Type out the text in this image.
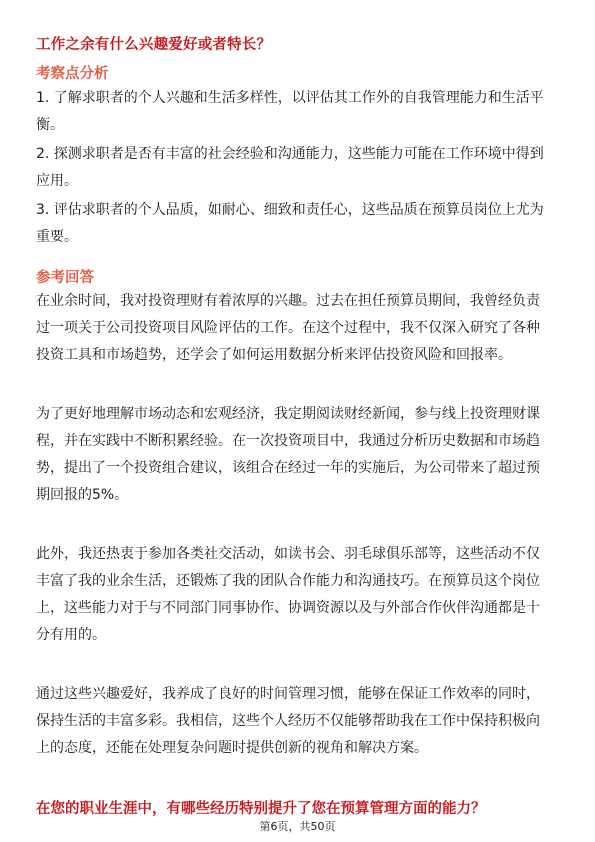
工作之余有什么兴趣爱好或者特长？
考察点分析
1. 了解求职者的个人兴趣和生活多样性，以评估其工作外的自我管理能力和生活平
衡。
2. 探测求职者是否有丰富的社会经验和沟通能力，这些能力可能在工作环境中得到
应用。
3. 评估求职者的个人品质，如耐心、细致和责任心，这些品质在预算员岗位上尤为
重要。
参考回答
在业余时间，我对投资理财有着浓厚的兴趣。过去在担任预算员期间，我曾经负责
过一项关于公司投资项目风险评估的工作。在这个过程中，我不仅深入研究了各种
投资工具和市场趋势，还学会了如何运用数据分析来评估投资风险和回报率。
为了更好地理解市场动态和宏观经济，我定期阅读财经新闻，参与线上投资理财课
程，并在实践中不断积累经验。在一次投资项目中，我通过分析历史数据和市场趋
势，提出了一个投资组合建议，该组合在经过一年的实施后，为公司带来了超过预
期回报的5%。
此外，我还热衷于参加各类社交活动，如读书会、羽毛球俱乐部等，这些活动不仅
丰富了我的业余生活，还锻炼了我的团队合作能力和沟通技巧。在预算员这个岗位
上，这些能力对于与不同部门同事协作、协调资源以及与外部合作伙伴沟通都是十
分有用的。
通过这些兴趣爱好，我养成了良好的时间管理习惯，能够在保证工作效率的同时，
保持生活的丰富多彩。我相信，这些个人经历不仅能够帮助我在工作中保持积极向
上的态度，还能在处理复杂问题时提供创新的视角和解决方案。
在您的职业生涯中，有哪些经历特别提升了您在预算管理方面的能力？
第6页，共50页
